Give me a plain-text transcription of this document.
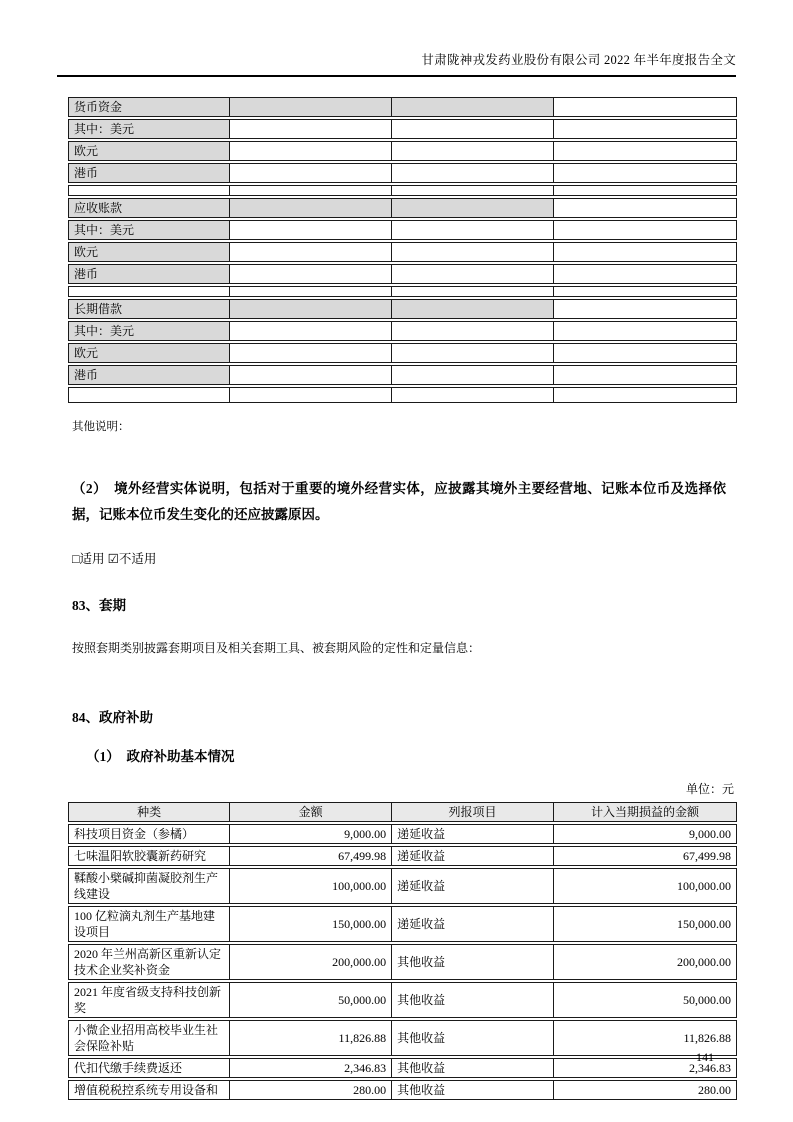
甘肃陇神戎发药业股份有限公司 2022 年半年度报告全文
货币资金			
其中：美元			
欧元			
港币			

应收账款			
其中：美元			
欧元			
港币			

长期借款			
其中：美元			
欧元			
港币			

其他说明：

（2）　境外经营实体说明，包括对于重要的境外经营实体，应披露其境外主要经营地、记账本位币及选择依据，记账本位币发生变化的还应披露原因。

□适用 ☑不适用

83、套期

按照套期类别披露套期项目及相关套期工具、被套期风险的定性和定量信息：

84、政府补助
（1）　政府补助基本情况
单位：元
种类	金额	列报项目	计入当期损益的金额
科技项目资金（参橘）	9,000.00	递延收益	9,000.00
七味温阳软胶囊新药研究	67,499.98	递延收益	67,499.98
鞣酸小檗碱抑菌凝胶剂生产线建设	100,000.00	递延收益	100,000.00
100 亿粒滴丸剂生产基地建设项目	150,000.00	递延收益	150,000.00
2020 年兰州高新区重新认定技术企业奖补资金	200,000.00	其他收益	200,000.00
2021 年度省级支持科技创新奖	50,000.00	其他收益	50,000.00
小微企业招用高校毕业生社会保险补贴	11,826.88	其他收益	11,826.88
代扣代缴手续费返还	2,346.83	其他收益	2,346.83
增值税税控系统专用设备和	280.00	其他收益	280.00
141
